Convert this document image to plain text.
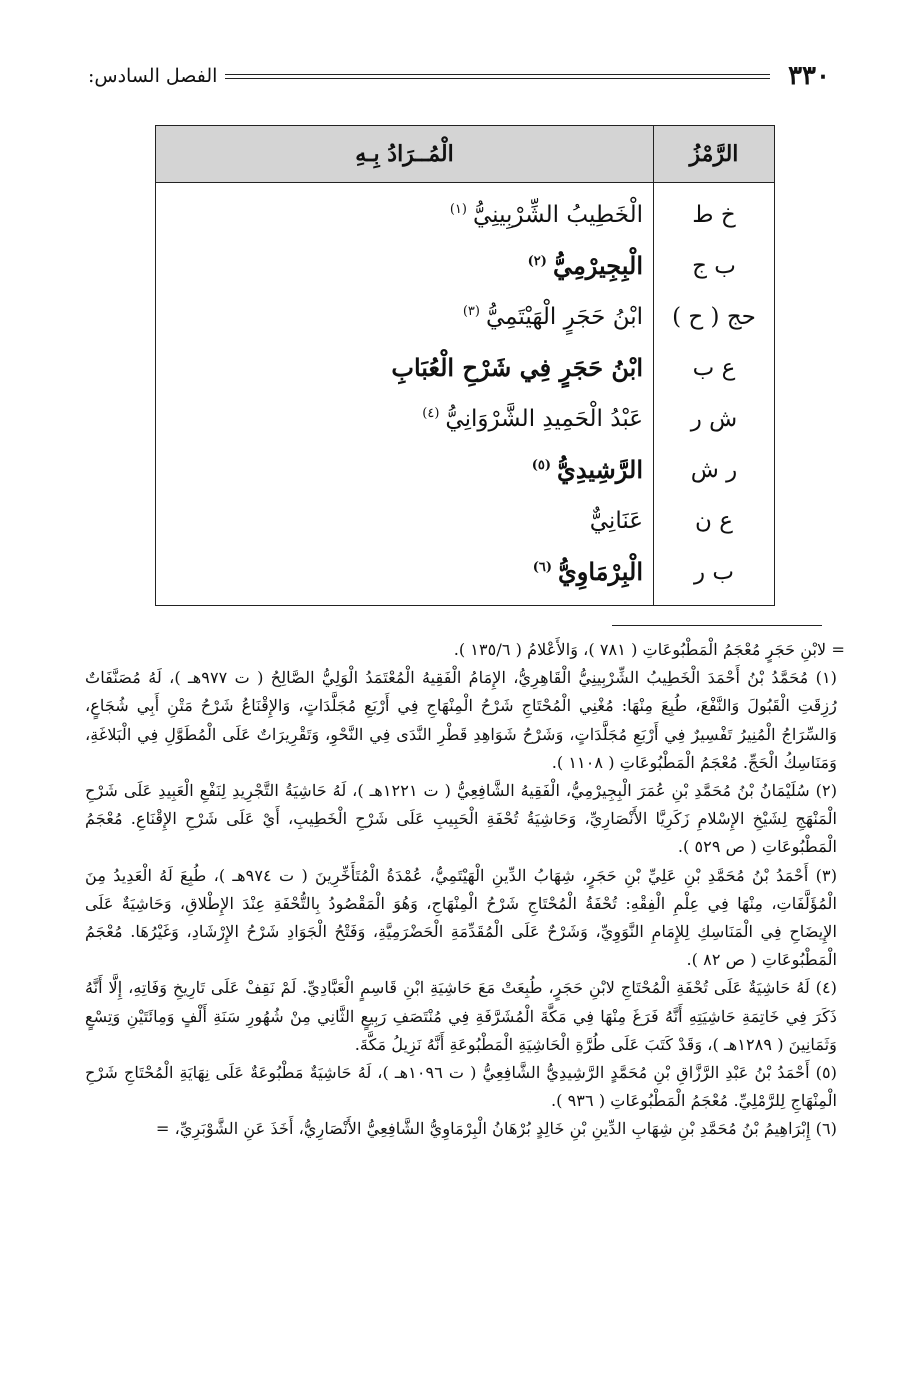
٣٣٠
الفصل السادس:
الرَّمْزُ	الْمُــرَادُ بِـهِ
خ ط	الْخَطِيبُ الشِّرْبِينِيُّ$^{(١)}$
ب ج	الْبِجِيرْمِيُّ$^{(٢)}$
حج ( ح )	ابْنُ حَجَرٍ الْهَيْتَمِيُّ$^{(٣)}$
ع ب	ابْنُ حَجَرٍ فِي شَرْحِ الْعُبَابِ
ش ر	عَبْدُ الْحَمِيدِ الشَّرْوَانِيُّ$^{(٤)}$
ر ش	الرَّشِيدِيُّ$^{(٥)}$
ع ن	عَنَانِيٌّ
ب ر	الْبِرْمَاوِيُّ$^{(٦)}$

= لابْنِ حَجَرٍ مُعْجَمُ الْمَطْبُوعَاتِ ( ٧٨١ )، وَالأَعْلامُ ( ١٣٥/٦ ).

(١) مُحَمَّدُ بْنُ أَحْمَدَ الْخَطِيبُ الشِّرْبِينِيُّ الْقَاهِرِيُّ، الإِمَامُ الْفَقِيهُ الْمُعْتَمَدُ الْوَلِيُّ الصَّالِحُ ( ت ٩٧٧هـ )، لَهُ مُصَنَّفَاتٌ رُزِقَتِ الْقَبُولَ وَالنَّفْعَ، طُبِعَ مِنْهَا: مُغْنِي الْمُحْتَاجِ شَرْحُ الْمِنْهَاجِ فِي أَرْبَعِ مُجَلَّدَاتٍ، وَالإِقْنَاعُ شَرْحُ مَتْنِ أَبِي شُجَاعٍ، وَالسِّرَاجُ الْمُنِيرُ تَفْسِيرٌ فِي أَرْبَعِ مُجَلَّدَاتٍ، وَشَرْحُ شَوَاهِدِ قَطْرِ النَّدَى فِي النَّحْوِ، وَتَقْرِيرَاتٌ عَلَى الْمُطَوَّلِ فِي الْبَلاغَةِ، وَمَنَاسِكُ الْحَجِّ. مُعْجَمُ الْمَطْبُوعَاتِ ( ١١٠٨ ).

(٢) سُلَيْمَانُ بْنُ مُحَمَّدِ بْنِ عُمَرَ الْبِجِيرْمِيُّ، الْفَقِيهُ الشَّافِعِيُّ ( ت ١٢٢١هـ )، لَهُ حَاشِيَةُ التَّجْرِيدِ لِنَفْعِ الْعَبِيدِ عَلَى شَرْحِ الْمَنْهَجِ لِشَيْخِ الإِسْلامِ زَكَرِيَّا الأَنْصَارِيِّ، وَحَاشِيَةُ تُحْفَةِ الْحَبِيبِ عَلَى شَرْحِ الْخَطِيبِ، أَيْ عَلَى شَرْحِ الإِقْنَاعِ. مُعْجَمُ الْمَطْبُوعَاتِ ( ص ٥٢٩ ).

(٣) أَحْمَدُ بْنُ مُحَمَّدِ بْنِ عَلِيِّ بْنِ حَجَرٍ، شِهَابُ الدِّينِ الْهَيْتَمِيُّ، عُمْدَةُ الْمُتَأَخِّرِينَ ( ت ٩٧٤هـ )، طُبِعَ لَهُ الْعَدِيدُ مِنَ الْمُؤَلَّفَاتِ، مِنْهَا فِي عِلْمِ الْفِقْهِ: تُحْفَةُ الْمُحْتَاجِ شَرْحُ الْمِنْهَاجِ، وَهُوَ الْمَقْصُودُ بِالتُّحْفَةِ عِنْدَ الإِطْلاقِ، وَحَاشِيَةٌ عَلَى الإِيضَاحِ فِي الْمَنَاسِكِ لِلإِمَامِ النَّوَوِيِّ، وَشَرْحٌ عَلَى الْمُقَدِّمَةِ الْحَضْرَمِيَّةِ، وَفَتْحُ الْجَوَادِ شَرْحُ الإِرْشَادِ، وَغَيْرُهَا. مُعْجَمُ الْمَطْبُوعَاتِ ( ص ٨٢ ).

(٤) لَهُ حَاشِيَةٌ عَلَى تُحْفَةِ الْمُحْتَاجِ لابْنِ حَجَرٍ، طُبِعَتْ مَعَ حَاشِيَةِ ابْنِ قَاسِمٍ الْعَبَّادِيِّ. لَمْ نَقِفْ عَلَى تَارِيخِ وَفَاتِهِ، إِلَّا أَنَّهُ ذَكَرَ فِي خَاتِمَةِ حَاشِيَتِهِ أَنَّهُ فَرَغَ مِنْهَا فِي مَكَّةَ الْمُشَرَّفَةِ فِي مُنْتَصَفِ رَبِيعٍ الثَّانِي مِنْ شُهُورِ سَنَةِ أَلْفٍ وَمِائَتَيْنِ وَتِسْعٍ وَثَمَانِينَ ( ١٢٨٩هـ )، وَقَدْ كَتَبَ عَلَى طُرَّةِ الْحَاشِيَةِ الْمَطْبُوعَةِ أَنَّهُ نَزِيلُ مَكَّةَ.

(٥) أَحْمَدُ بْنُ عَبْدِ الرَّزَّاقِ بْنِ مُحَمَّدٍ الرَّشِيدِيُّ الشَّافِعِيُّ ( ت ١٠٩٦هـ )، لَهُ حَاشِيَةٌ مَطْبُوعَةٌ عَلَى نِهَايَةِ الْمُحْتَاجِ شَرْحِ الْمِنْهَاجِ لِلرَّمْلِيِّ. مُعْجَمُ الْمَطْبُوعَاتِ ( ٩٣٦ ).

(٦) إِبْرَاهِيمُ بْنُ مُحَمَّدِ بْنِ شِهَابِ الدِّينِ بْنِ خَالِدٍ بُرْهَانُ الْبِرْمَاوِيُّ الشَّافِعِيُّ الأَنْصَارِيُّ، أَخَذَ عَنِ الشَّوْبَرِيِّ، =
